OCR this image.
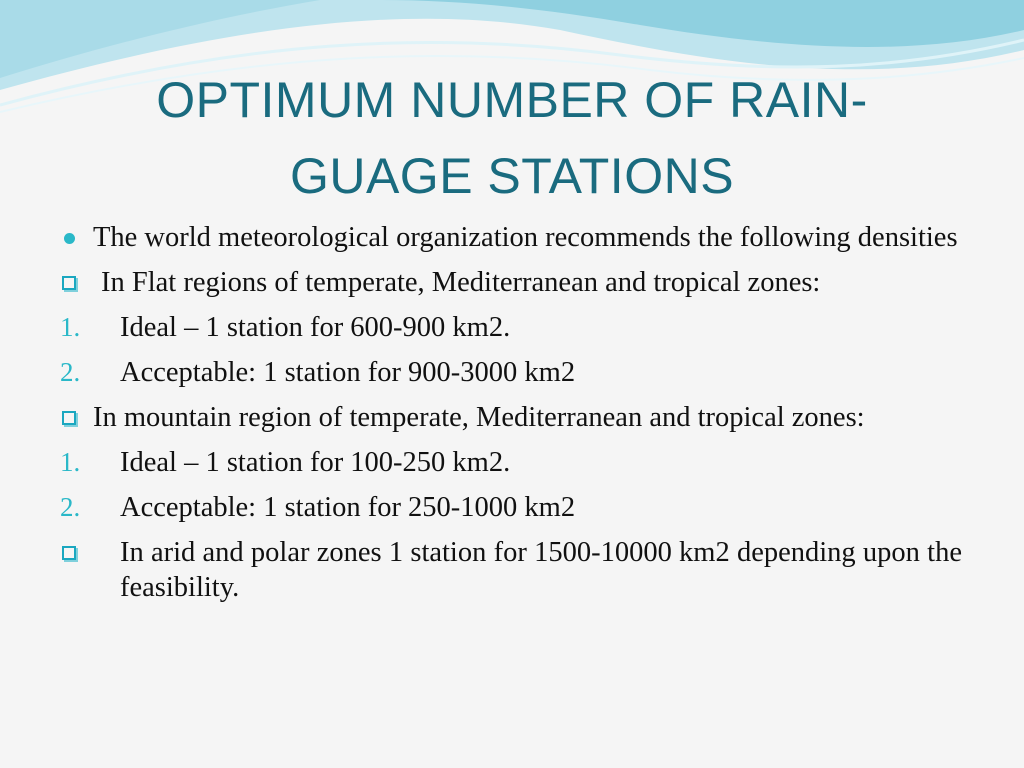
OPTIMUM NUMBER OF RAIN-GUAGE STATIONS
The world meteorological organization recommends the following densities
In Flat regions of temperate, Mediterranean and tropical zones:
1. Ideal – 1 station for 600-900 km2.
2. Acceptable: 1 station for 900-3000 km2
In mountain region of temperate, Mediterranean and tropical zones:
1. Ideal – 1 station for 100-250 km2.
2. Acceptable: 1 station for 250-1000 km2
In arid and polar zones 1 station for 1500-10000 km2 depending upon the feasibility.
